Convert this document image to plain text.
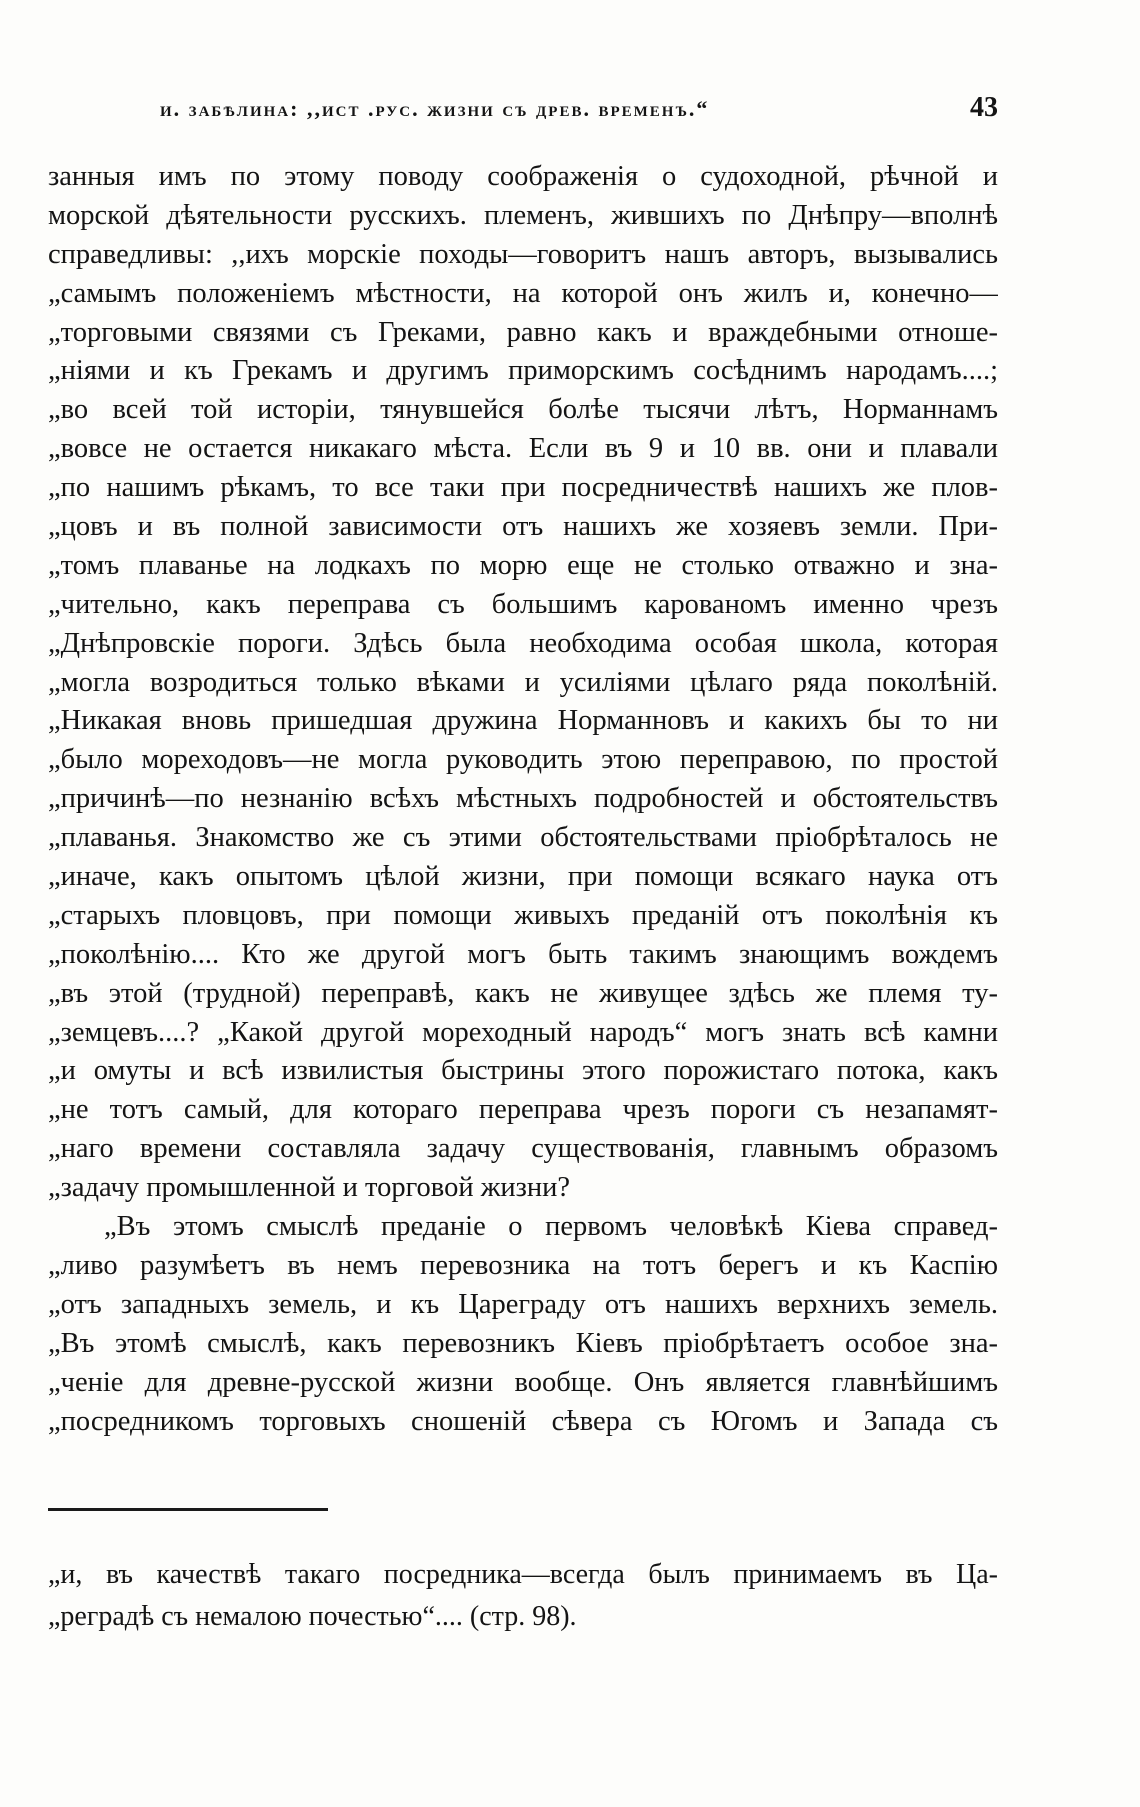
и. забѣлина: ,,ист .рус. жизни съ древ. временъ.“	43
занныя имъ по этому поводу соображенія о судоходной, рѣчной и
морской дѣятельности русскихъ. племенъ, жившихъ по Днѣпру—вполнѣ
справедливы: ,,ихъ морскіе походы—говоритъ нашъ авторъ, вызывались
„самымъ положеніемъ мѣстности, на которой онъ жилъ и, конечно—
„торговыми связями съ Греками, равно какъ и враждебными отноше-
„ніями и къ Грекамъ и другимъ приморскимъ сосѣднимъ народамъ....;
„во всей той исторіи, тянувшейся болѣе тысячи лѣтъ, Норманнамъ
„вовсе не остается никакаго мѣста. Если въ 9 и 10 вв. они и плавали
„по нашимъ рѣкамъ, то все таки при посредничествѣ нашихъ же плов-
„цовъ и въ полной зависимости отъ нашихъ же хозяевъ земли. При-
„томъ плаванье на лодкахъ по морю еще не столько отважно и зна-
„чительно, какъ переправа съ большимъ карованомъ именно чрезъ
„Днѣпровскіе пороги. Здѣсь была необходима особая школа, которая
„могла возродиться только вѣками и усиліями цѣлаго ряда поколѣній.
„Никакая вновь пришедшая дружина Норманновъ и какихъ бы то ни
„было мореходовъ—не могла руководить этою переправою, по простой
„причинѣ—по незнанію всѣхъ мѣстныхъ подробностей и обстоятельствъ
„плаванья. Знакомство же съ этими обстоятельствами пріобрѣталось не
„иначе, какъ опытомъ цѣлой жизни, при помощи всякаго наука отъ
„старыхъ пловцовъ, при помощи живыхъ преданій отъ поколѣнія къ
„поколѣнію.... Кто же другой могъ быть такимъ знающимъ вождемъ
„въ этой (трудной) переправѣ, какъ не живущее здѣсь же племя ту-
„земцевъ....? „Какой другой мореходный народъ“ могъ знать всѣ камни
„и омуты и всѣ извилистыя быстрины этого порожистаго потока, какъ
„не тотъ самый, для котораго переправа чрезъ пороги съ незапамят-
„наго времени составляла задачу существованія, главнымъ образомъ
„задачу промышленной и торговой жизни?
„Въ этомъ смыслѣ преданіе о первомъ человѣкѣ Кіева справед-
„ливо разумѣетъ въ немъ перевозника на тотъ берегъ и къ Каспію
„отъ западныхъ земель, и къ Цареграду отъ нашихъ верхнихъ земель.
„Въ этомѣ смыслѣ, какъ перевозникъ Кіевъ пріобрѣтаетъ особое зна-
„ченіе для древне-русской жизни вообще. Онъ является главнѣйшимъ
„посредникомъ торговыхъ сношеній сѣвера съ Югомъ и Запада съ
„и, въ качествѣ такаго посредника—всегда былъ принимаемъ въ Ца-
„реградѣ съ немалою почестью“.... (стр. 98).
